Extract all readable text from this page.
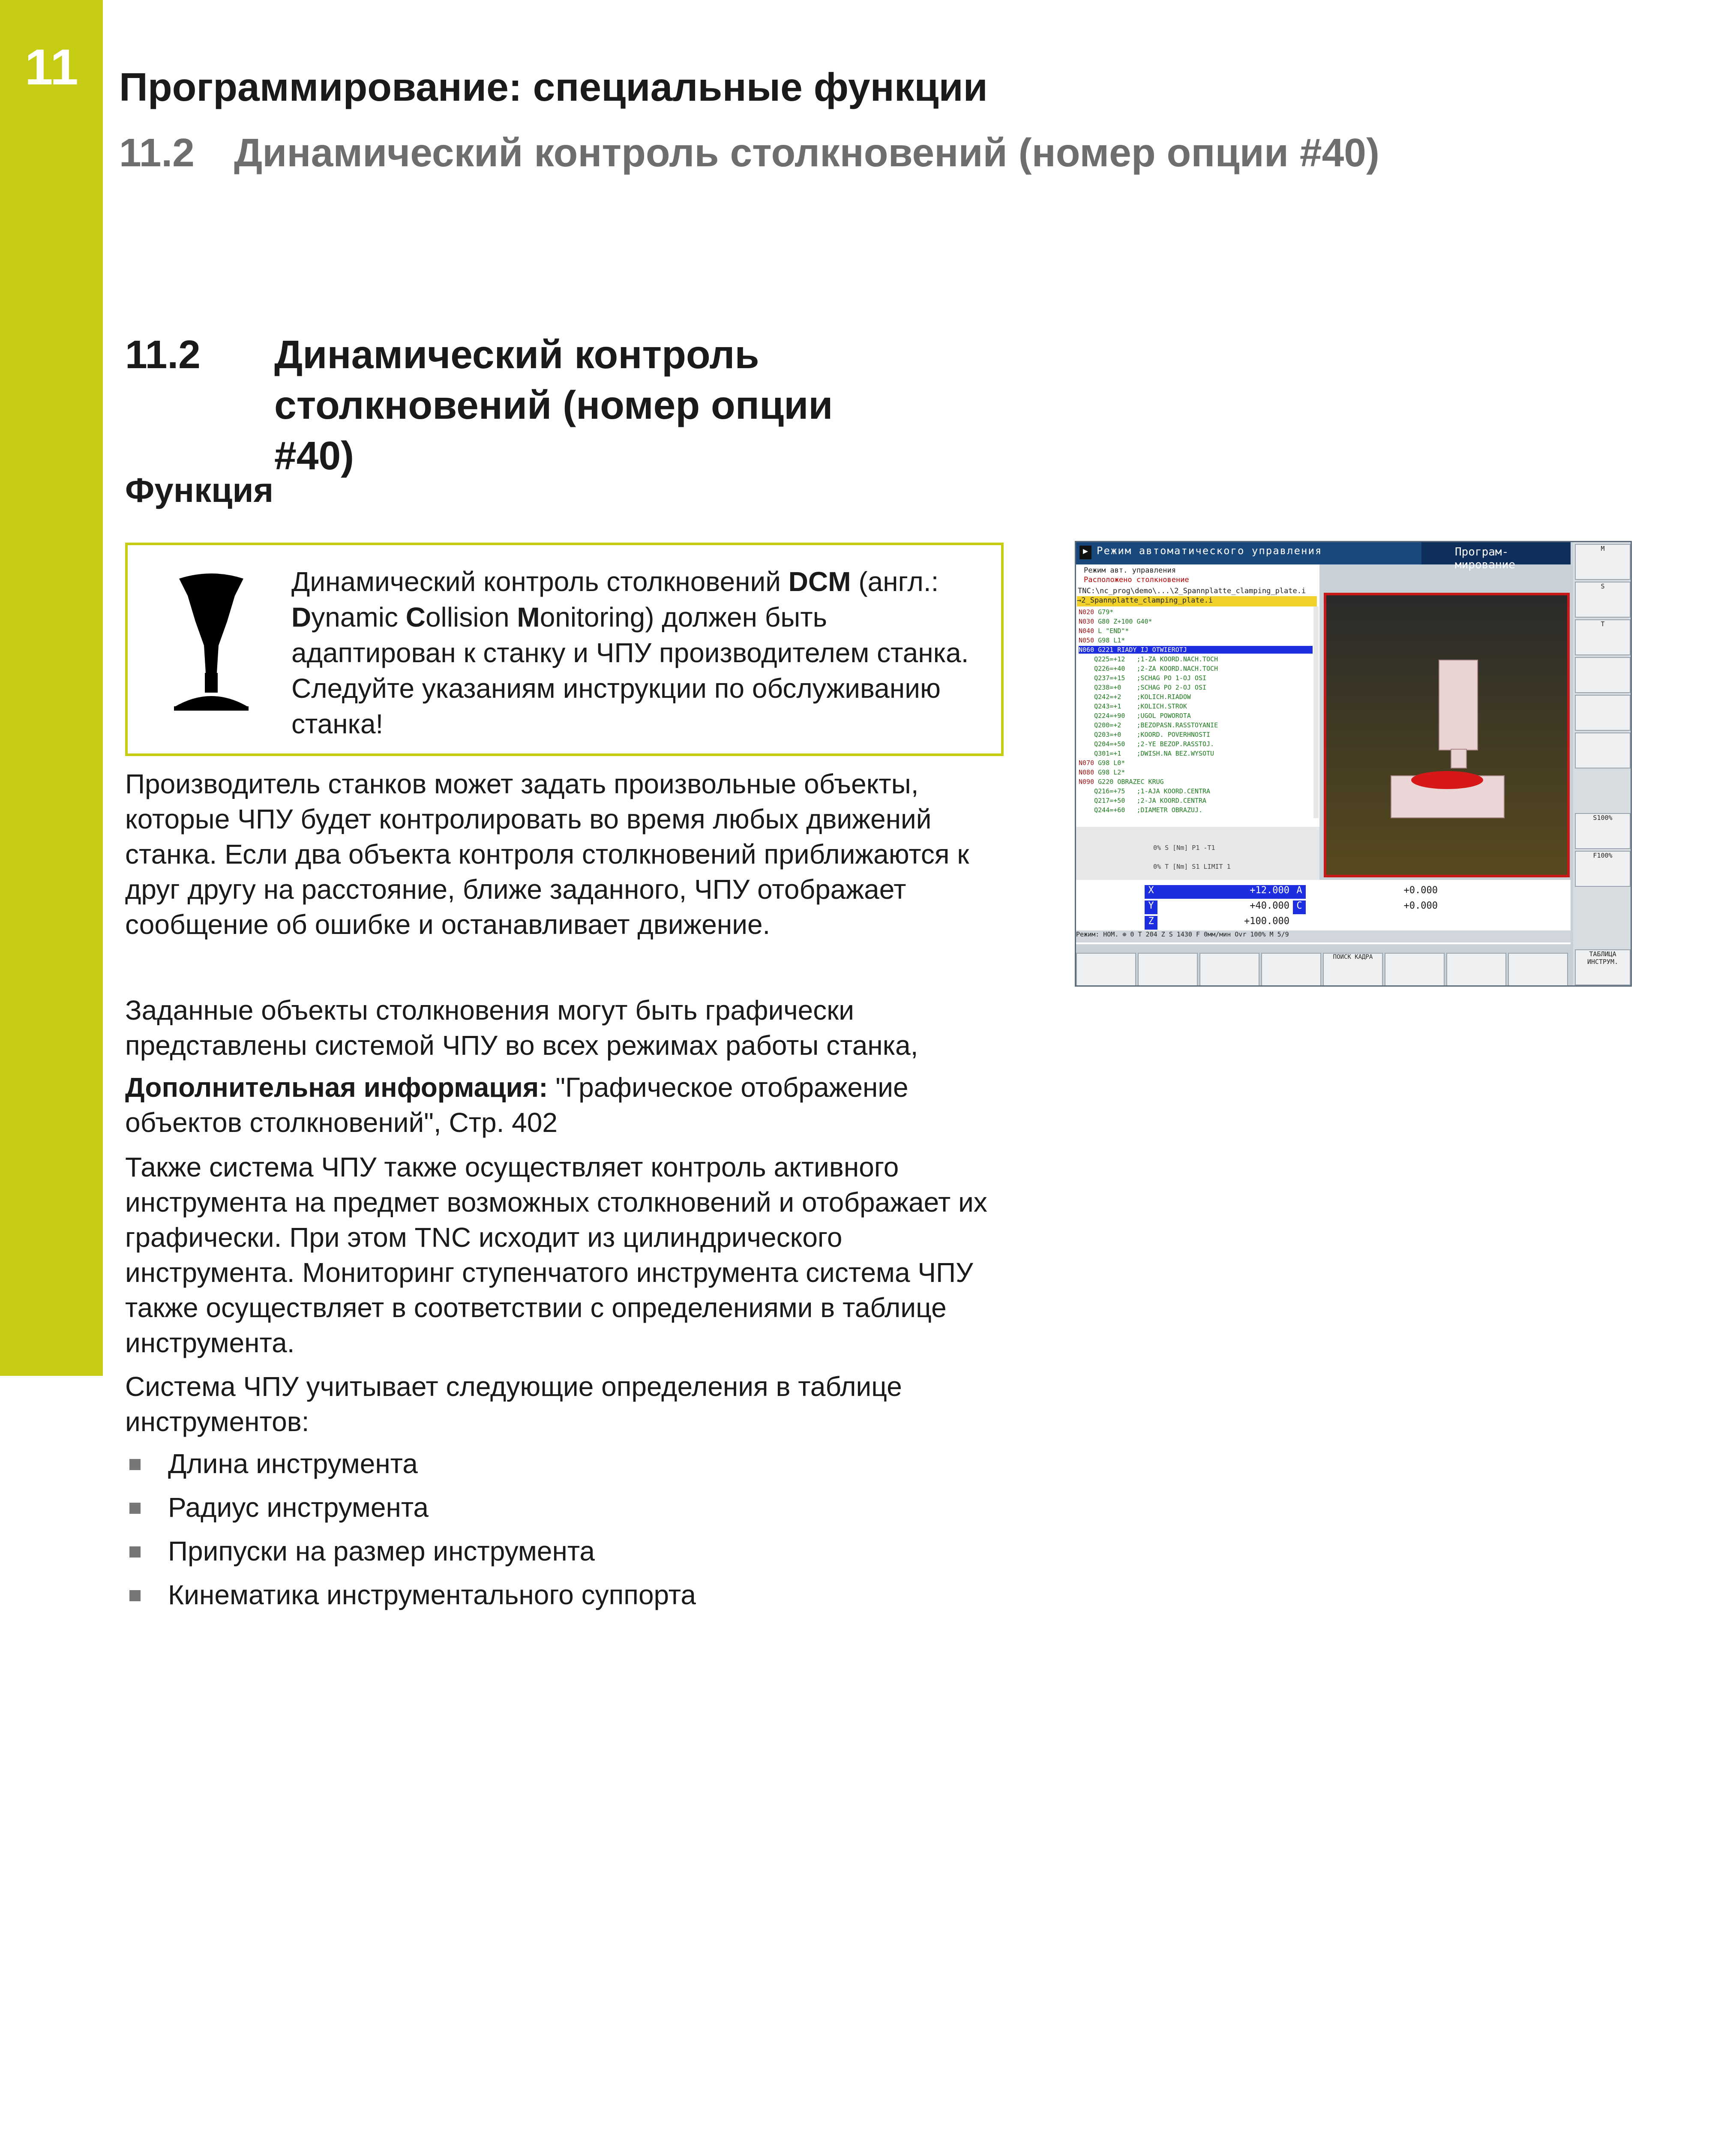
11 Программирование: специальные функции
11.2 Динамический контроль столкновений (номер опции #40)
11.2 Динамический контроль
столкновений (номер опции #40)
Функция
Динамический контроль столкновений DCM (англ.: Dynamic Collision Monitoring) должен быть адаптирован к станку и ЧПУ производителем станка. Следуйте указаниям инструкции по обслуживанию станка!

Производитель станков может задать произвольные объекты, которые ЧПУ будет контролировать во время любых движений станка. Если два объекта контроля столкновений приближаются к друг другу на расстояние, ближе заданного, ЧПУ отображает сообщение об ошибке и останавливает движение.

Заданные объекты столкновения могут быть графически представлены системой ЧПУ во всех режимах работы станка,

Дополнительная информация: "Графическое отображение объектов столкновений", Стр. 402

Также система ЧПУ также осуществляет контроль активного инструмента на предмет возможных столкновений и отображает их графически. При этом TNC исходит из цилиндрического инструмента. Мониторинг ступенчатого инструмента система ЧПУ также осуществляет в соответствии с определениями в таблице инструмента.

Система ЧПУ учитывает следующие определения в таблице инструментов:

Длина инструмента
Радиус инструмента
Припуски на размер инструмента
Кинематика инструментального суппорта
▶ Режим автоматического управления	Програм- мирование
Режим авт. управления
Расположено столкновение
TNC:\nc_prog\demo\...\2_Spannplatte_clamping_plate.i
→2_Spannplatte_clamping_plate.i
N020 G79*
N030 G80 Z+100 G40*
N040 L "END"*
N050 G98 L1*
N060 G221 RIADY IJ OTWIEROTJ
Q225=+12   ;1-ZA KOORD.NACH.TOCH
Q226=+40   ;2-ZA KOORD.NACH.TOCH
Q237=+15   ;SCHAG PO 1-OJ OSI
Q238=+0    ;SCHAG PO 2-OJ OSI
Q242=+2    ;KOLICH.RIADOW
Q243=+1    ;KOLICH.STROK
Q224=+90   ;UGOL POWOROTA
Q200=+2    ;BEZOPASN.RASSTOYANIE
Q203=+0    ;KOORD. POVERHNOSTI
Q204=+50   ;2-YE BEZOP.RASSTOJ.
Q301=+1    ;DWISH.NA BEZ.WYSOTU
N070 G98 L0*
N080 G98 L2*
N090 G220 OBRAZEC KRUG
Q216=+75   ;1-AJA KOORD.CENTRA
Q217=+50   ;2-JA KOORD.CENTRA
Q244=+60   ;DIAMETR OBRAZUJ.
0% S [Nm] P1 -T1
0% T [Nm] S1 LIMIT 1
X	+12.000
Y	+40.000
Z	+100.000
A	+0.000
C	+0.000
Режим: НОМ. ⊕ 0 T 204 Z S 1430 F 0мм/мин Ovr 100% M 5/9
M
S
T
S100%
F100%
ТАБЛИЦА ИНСТРУМ.
ПОИСК КАДРА
